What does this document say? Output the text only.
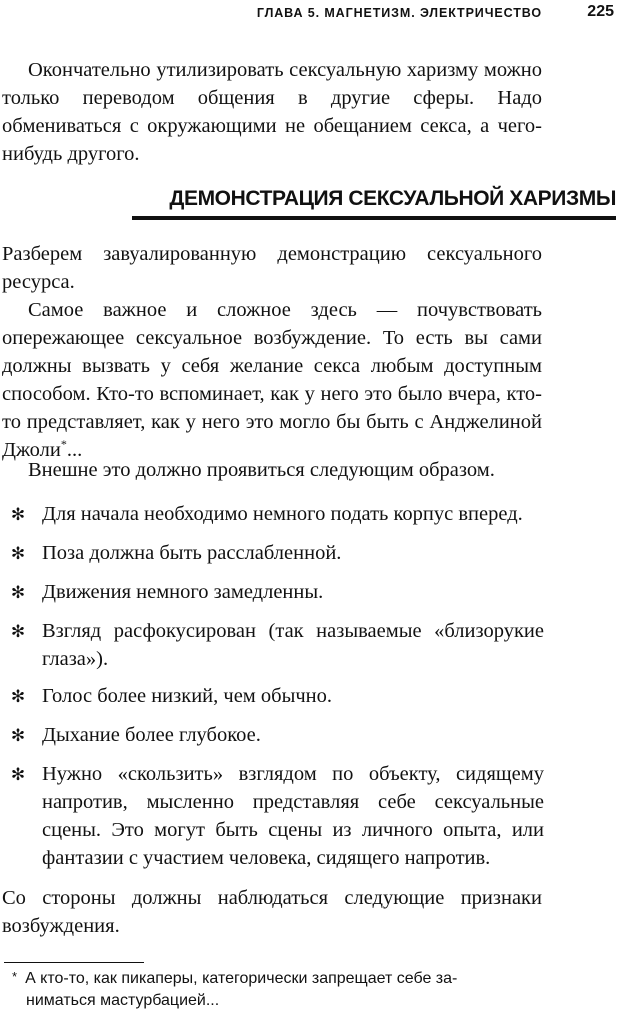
ГЛАВА 5. МАГНЕТИЗМ. ЭЛЕКТРИЧЕСТВО	225

Окончательно утилизировать сексуальную харизму можно только переводом общения в другие сферы. Надо обмениваться с окружающими не обещанием секса, а чего-нибудь другого.

ДЕМОНСТРАЦИЯ СЕКСУАЛЬНОЙ ХАРИЗМЫ

Разберем завуалированную демонстрацию сексуального ресурса.

Самое важное и сложное здесь — почувствовать опережающее сексуальное возбуждение. То есть вы сами должны вызвать у себя желание секса любым доступным способом. Кто-то вспоминает, как у него это было вчера, кто-то представляет, как у него это могло бы быть с Анджелиной Джоли*...

Внешне это должно проявиться следующим образом.

✻ Для начала необходимо немного подать корпус вперед.
✻ Поза должна быть расслабленной.
✻ Движения немного замедленны.
✻ Взгляд расфокусирован (так называемые «близорукие глаза»).
✻ Голос более низкий, чем обычно.
✻ Дыхание более глубокое.
✻ Нужно «скользить» взглядом по объекту, сидящему напротив, мысленно представляя себе сексуальные сцены. Это могут быть сцены из личного опыта, или фантазии с участием человека, сидящего напротив.

Со стороны должны наблюдаться следующие признаки возбуждения.

* А кто-то, как пикаперы, категорически запрещает себе за-
ниматься мастурбацией...
